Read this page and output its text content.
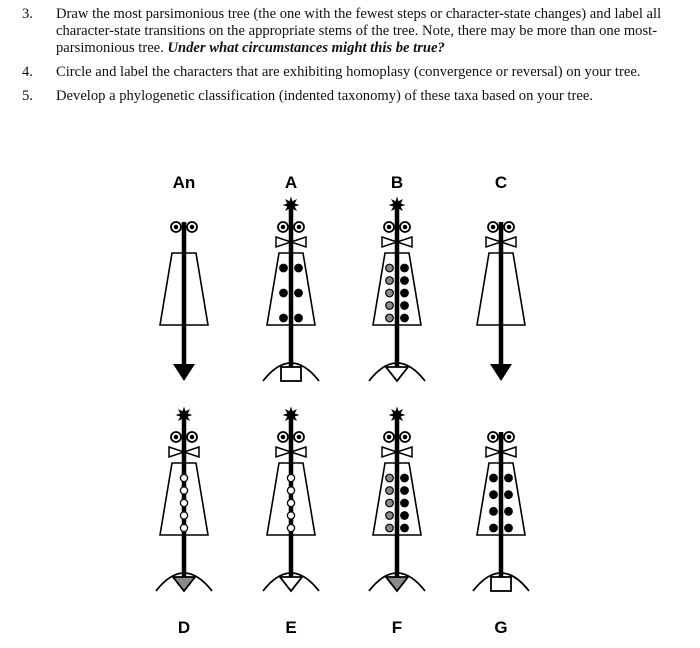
3.	Draw the most parsimonious tree (the one with the fewest steps or character-state changes) and label all character-state transitions on the appropriate stems of the tree. Note, there may be more than one most-parsimonious tree. Under what circumstances might this be true?
4.	Circle and label the characters that are exhibiting homoplasy (convergence or reversal) on your tree.
5.	Develop a phylogenetic classification (indented taxonomy) of these taxa based on your tree.
An	A	B	C
D	E	F	G
